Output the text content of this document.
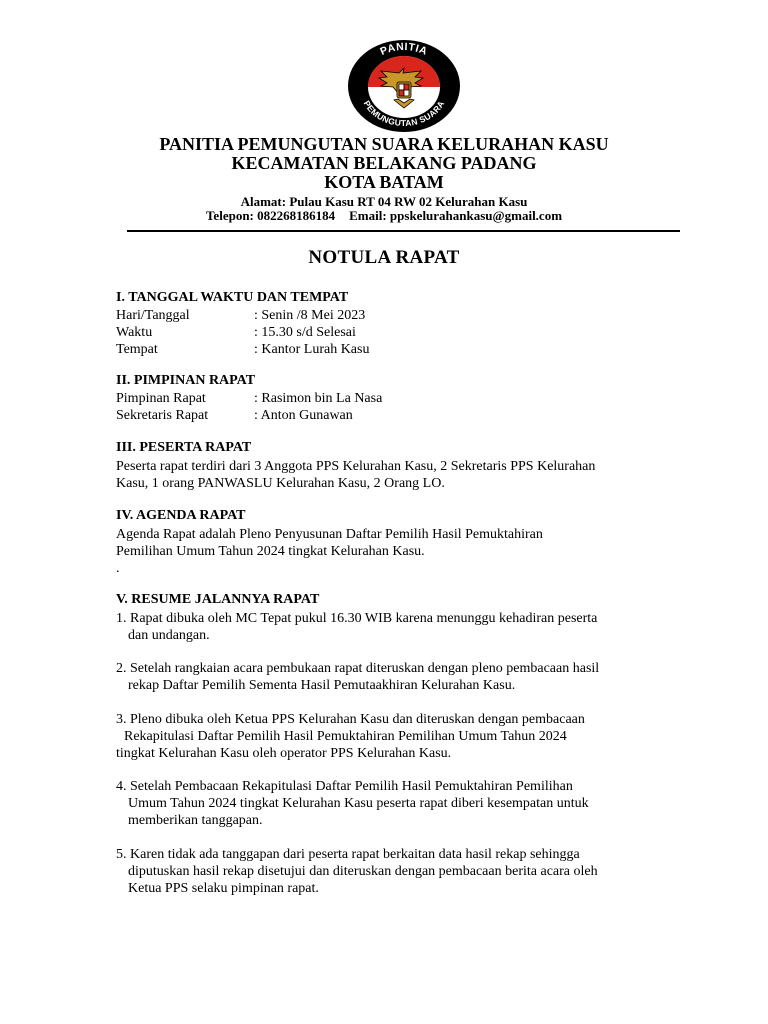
PANITIA
PEMUNGUTAN SUARA
PANITIA PEMUNGUTAN SUARA KELURAHAN KASU
KECAMATAN BELAKANG PADANG
KOTA BATAM
Alamat: Pulau Kasu RT 04 RW 02 Kelurahan Kasu
Telepon: 082268186184 Email: ppskelurahankasu@gmail.com
NOTULA RAPAT
I. TANGGAL WAKTU DAN TEMPAT
Hari/Tanggal	: Senin /8 Mei 2023
Waktu	: 15.30 s/d Selesai
Tempat	: Kantor Lurah Kasu
II. PIMPINAN RAPAT
Pimpinan Rapat	: Rasimon bin La Nasa
Sekretaris Rapat	: Anton Gunawan
III. PESERTA RAPAT
Peserta rapat terdiri dari 3 Anggota PPS Kelurahan Kasu, 2 Sekretaris PPS Kelurahan
Kasu, 1 orang PANWASLU Kelurahan Kasu, 2 Orang LO.
IV. AGENDA RAPAT
Agenda Rapat adalah Pleno Penyusunan Daftar Pemilih Hasil Pemuktahiran
Pemilihan Umum Tahun 2024 tingkat Kelurahan Kasu.
.
V. RESUME JALANNYA RAPAT
1. Rapat dibuka oleh MC Tepat pukul 16.30 WIB karena menunggu kehadiran peserta
dan undangan.
2. Setelah rangkaian acara pembukaan rapat diteruskan dengan pleno pembacaan hasil
rekap Daftar Pemilih Sementa Hasil Pemutaakhiran Kelurahan Kasu.
3. Pleno dibuka oleh Ketua PPS Kelurahan Kasu dan diteruskan dengan pembacaan
Rekapitulasi Daftar Pemilih Hasil Pemuktahiran Pemilihan Umum Tahun 2024
tingkat Kelurahan Kasu oleh operator PPS Kelurahan Kasu.
4. Setelah Pembacaan Rekapitulasi Daftar Pemilih Hasil Pemuktahiran Pemilihan
Umum Tahun 2024 tingkat Kelurahan Kasu peserta rapat diberi kesempatan untuk
memberikan tanggapan.
5. Karen tidak ada tanggapan dari peserta rapat berkaitan data hasil rekap sehingga
diputuskan hasil rekap disetujui dan diteruskan dengan pembacaan berita acara oleh
Ketua PPS selaku pimpinan rapat.
